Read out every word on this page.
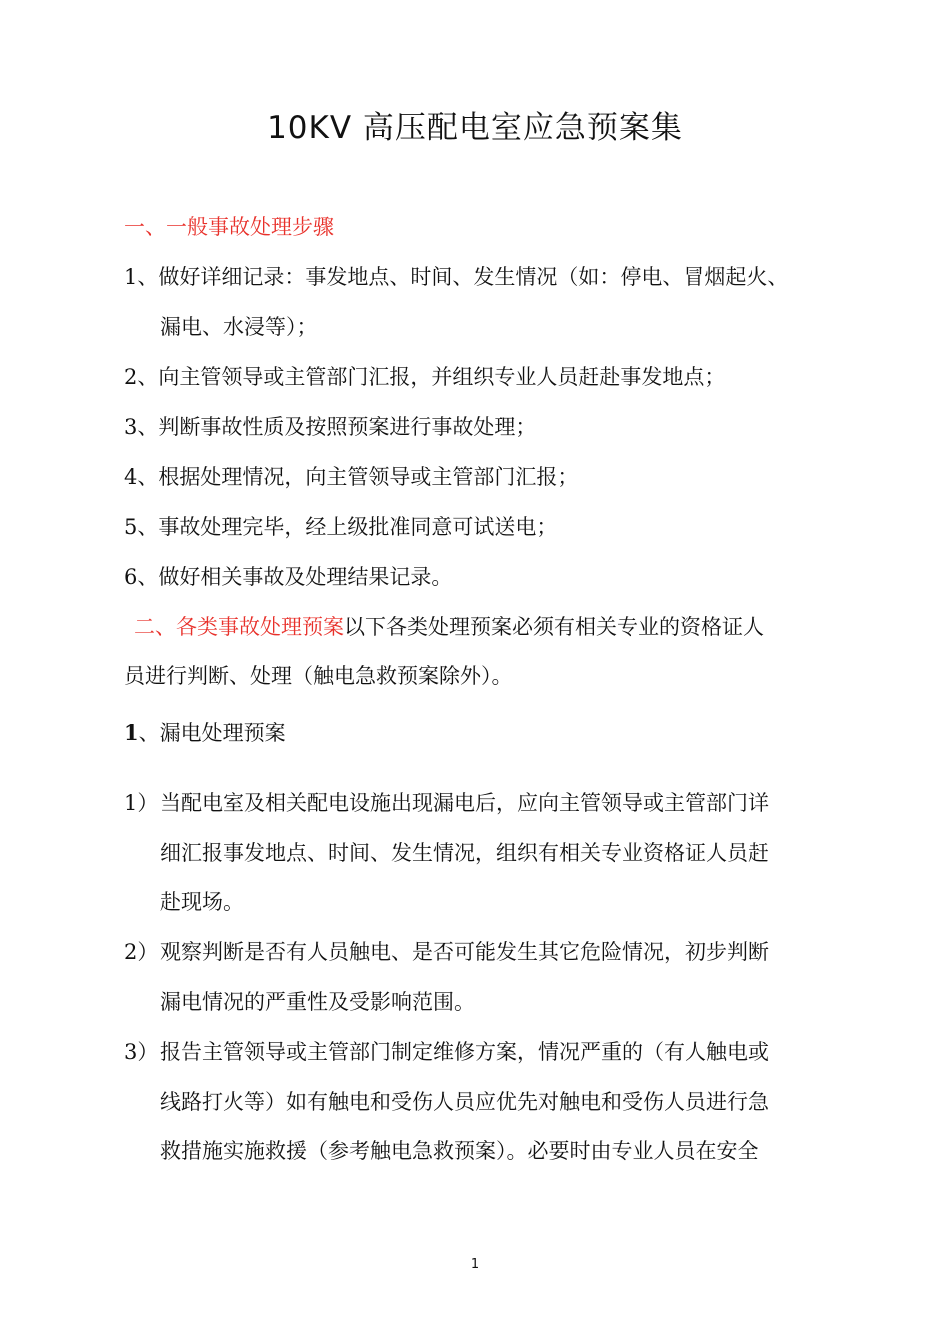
10KV 高压配电室应急预案集
一、一般事故处理步骤
1、做好详细记录：事发地点、时间、发生情况（如：停电、冒烟起火、
漏电、水浸等）；
2、向主管领导或主管部门汇报，并组织专业人员赶赴事发地点；
3、判断事故性质及按照预案进行事故处理；
4、根据处理情况，向主管领导或主管部门汇报；
5、事故处理完毕，经上级批准同意可试送电；
6、做好相关事故及处理结果记录。
二、各类事故处理预案以下各类处理预案必须有相关专业的资格证人
员进行判断、处理（触电急救预案除外）。
1、漏电处理预案
1） 当配电室及相关配电设施出现漏电后，应向主管领导或主管部门详
细汇报事发地点、时间、发生情况，组织有相关专业资格证人员赶
赴现场。
2） 观察判断是否有人员触电、是否可能发生其它危险情况，初步判断
漏电情况的严重性及受影响范围。
3） 报告主管领导或主管部门制定维修方案，情况严重的（有人触电或
线路打火等）如有触电和受伤人员应优先对触电和受伤人员进行急
救措施实施救援（参考触电急救预案）。必要时由专业人员在安全
1
